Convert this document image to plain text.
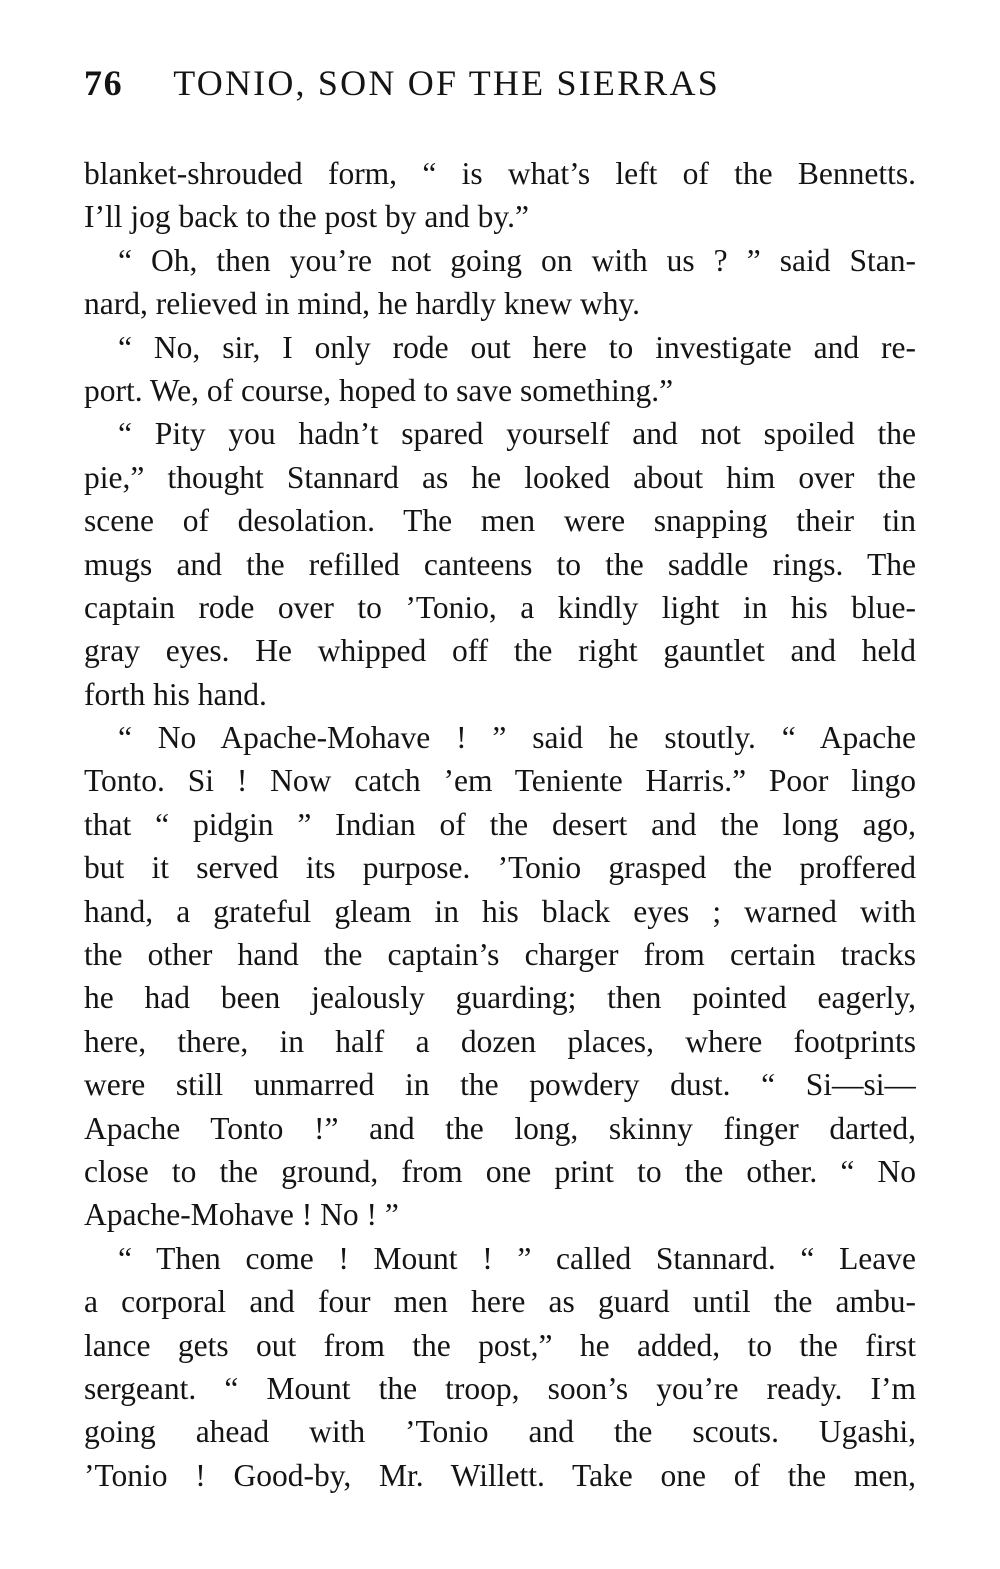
76 TONIO, SON OF THE SIERRAS
blanket-shrouded form, “ is what’s left of the Bennetts.
I’ll jog back to the post by and by.”
“ Oh, then you’re not going on with us ? ” said Stan-
nard, relieved in mind, he hardly knew why.
“ No, sir, I only rode out here to investigate and re-
port. We, of course, hoped to save something.”
“ Pity you hadn’t spared yourself and not spoiled the
pie,” thought Stannard as he looked about him over the
scene of desolation. The men were snapping their tin
mugs and the refilled canteens to the saddle rings. The
captain rode over to ’Tonio, a kindly light in his blue-
gray eyes. He whipped off the right gauntlet and held
forth his hand.
“ No Apache-Mohave ! ” said he stoutly. “ Apache
Tonto. Si ! Now catch ’em Teniente Harris.” Poor lingo
that “ pidgin ” Indian of the desert and the long ago,
but it served its purpose. ’Tonio grasped the proffered
hand, a grateful gleam in his black eyes ; warned with
the other hand the captain’s charger from certain tracks
he had been jealously guarding; then pointed eagerly,
here, there, in half a dozen places, where footprints
were still unmarred in the powdery dust. “ Si—si—
Apache Tonto !” and the long, skinny finger darted,
close to the ground, from one print to the other. “ No
Apache-Mohave ! No ! ”
“ Then come ! Mount ! ” called Stannard. “ Leave
a corporal and four men here as guard until the ambu-
lance gets out from the post,” he added, to the first
sergeant. “ Mount the troop, soon’s you’re ready. I’m
going ahead with ’Tonio and the scouts. Ugashi,
’Tonio ! Good-by, Mr. Willett. Take one of the men,
